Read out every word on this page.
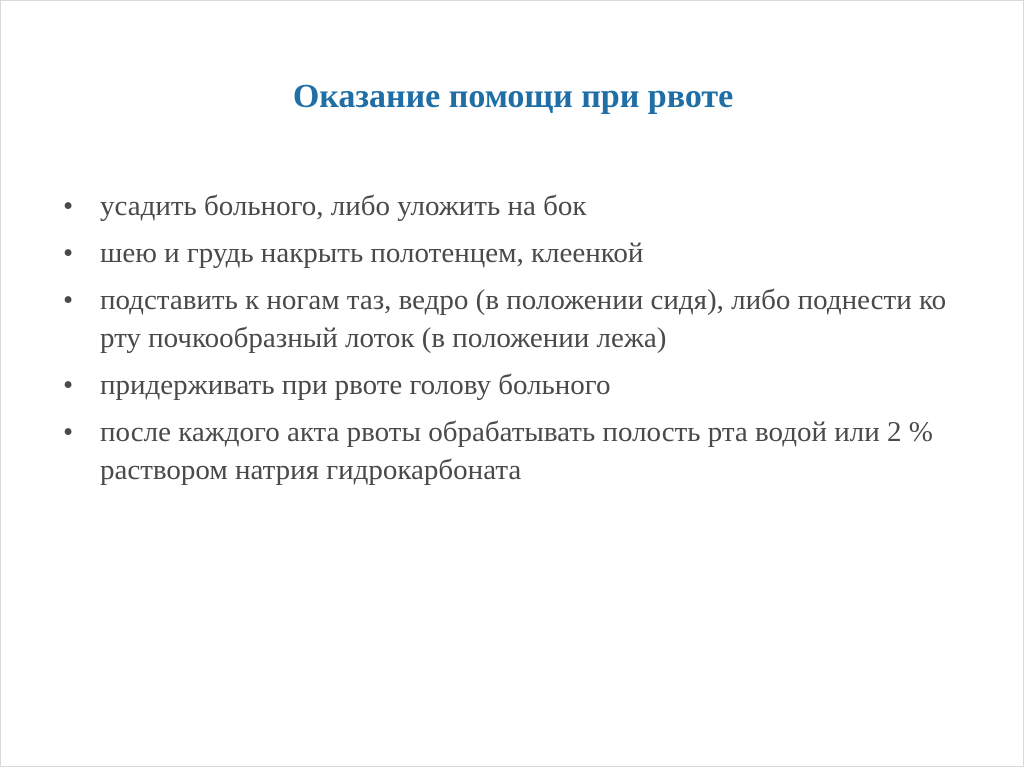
Оказание помощи при рвоте
• усадить больного, либо уложить на бок
• шею и грудь накрыть полотенцем, клеенкой
• подставить к ногам таз, ведро (в положении сидя), либо поднести ко рту почкообразный лоток (в положении лежа)
• придерживать при рвоте голову больного
• после каждого акта рвоты обрабатывать полость рта водой или 2 % раствором натрия гидрокарбоната
